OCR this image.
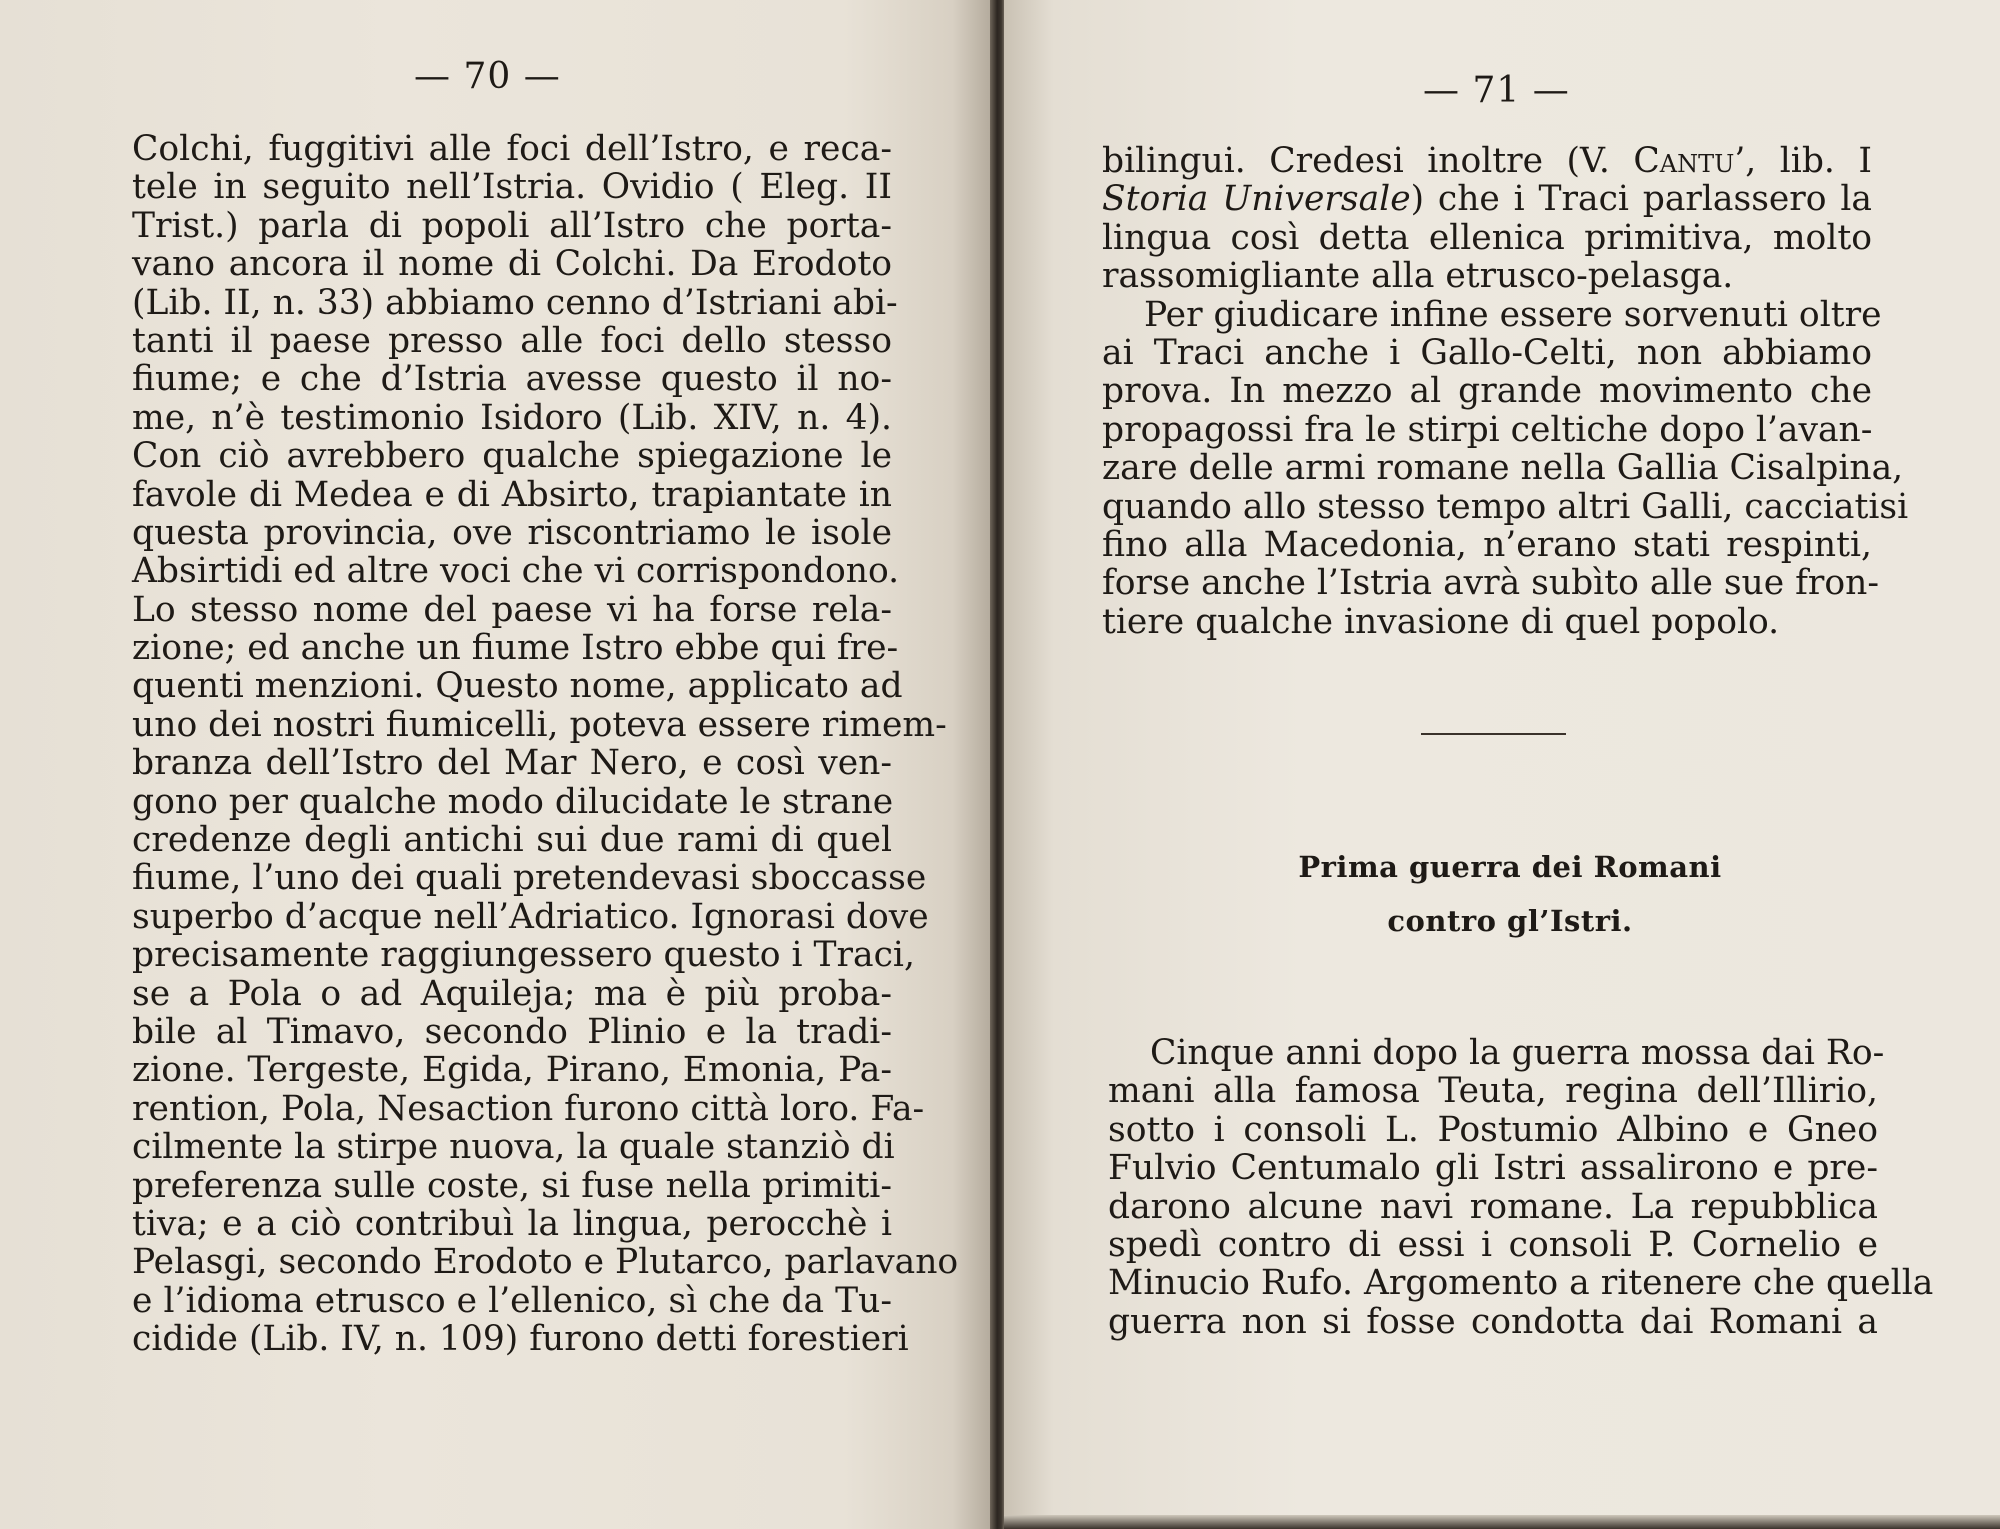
— 70 —
Colchi, fuggitivi alle foci dell’Istro, e reca-
tele in seguito nell’Istria. Ovidio ( Eleg. II
Trist.) parla di popoli all’Istro che porta-
vano ancora il nome di Colchi. Da Erodoto
(Lib. II, n. 33) abbiamo cenno d’Istriani abi-
tanti il paese presso alle foci dello stesso
fiume; e che d’Istria avesse questo il no-
me, n’è testimonio Isidoro (Lib. XIV, n. 4).
Con ciò avrebbero qualche spiegazione le
favole di Medea e di Absirto, trapiantate in
questa provincia, ove riscontriamo le isole
Absirtidi ed altre voci che vi corrispondono.
Lo stesso nome del paese vi ha forse rela-
zione; ed anche un fiume Istro ebbe qui fre-
quenti menzioni. Questo nome, applicato ad
uno dei nostri fiumicelli, poteva essere rimem-
branza dell’Istro del Mar Nero, e così ven-
gono per qualche modo dilucidate le strane
credenze degli antichi sui due rami di quel
fiume, l’uno dei quali pretendevasi sboccasse
superbo d’acque nell’Adriatico. Ignorasi dove
precisamente raggiungessero questo i Traci,
se a Pola o ad Aquileja; ma è più proba-
bile al Timavo, secondo Plinio e la tradi-
zione. Tergeste, Egida, Pirano, Emonia, Pa-
rention, Pola, Nesaction furono città loro. Fa-
cilmente la stirpe nuova, la quale stanziò di
preferenza sulle coste, si fuse nella primiti-
tiva; e a ciò contribuì la lingua, perocchè i
Pelasgi, secondo Erodoto e Plutarco, parlavano
e l’idioma etrusco e l’ellenico, sì che da Tu-
cidide (Lib. IV, n. 109) furono detti forestieri
— 71 —
bilingui. Credesi inoltre (V. Cantu’, lib. I
Storia Universale) che i Traci parlassero la
lingua così detta ellenica primitiva, molto
rassomigliante alla etrusco-pelasga.
Per giudicare infine essere sorvenuti oltre
ai Traci anche i Gallo-Celti, non abbiamo
prova. In mezzo al grande movimento che
propagossi fra le stirpi celtiche dopo l’avan-
zare delle armi romane nella Gallia Cisalpina,
quando allo stesso tempo altri Galli, cacciatisi
fino alla Macedonia, n’erano stati respinti,
forse anche l’Istria avrà subìto alle sue fron-
tiere qualche invasione di quel popolo.
Prima guerra dei Romani
contro gl’Istri.
Cinque anni dopo la guerra mossa dai Ro-
mani alla famosa Teuta, regina dell’Illirio,
sotto i consoli L. Postumio Albino e Gneo
Fulvio Centumalo gli Istri assalirono e pre-
darono alcune navi romane. La repubblica
spedì contro di essi i consoli P. Cornelio e
Minucio Rufo. Argomento a ritenere che quella
guerra non si fosse condotta dai Romani a
